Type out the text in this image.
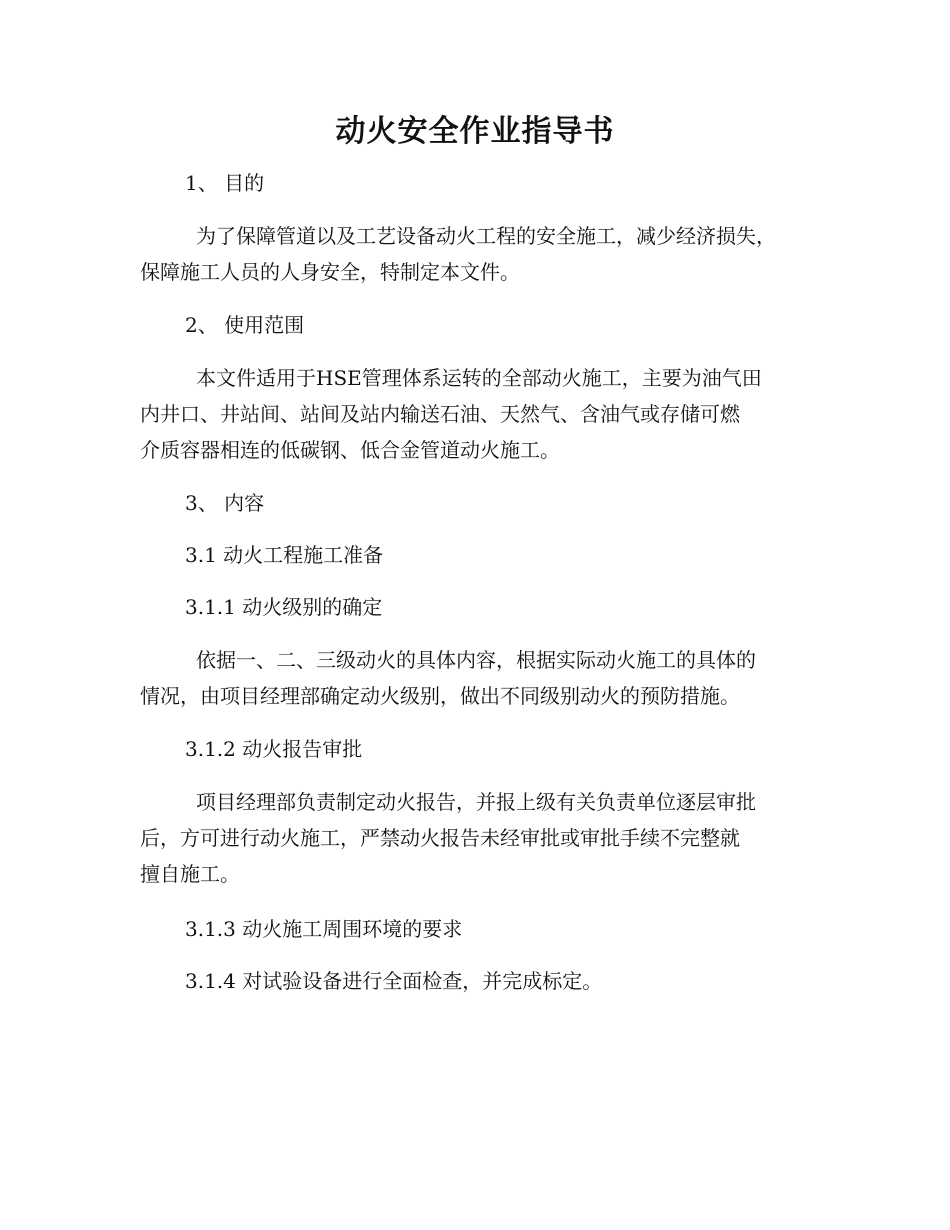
动火安全作业指导书
1、 目的
为了保障管道以及工艺设备动火工程的安全施工，减少经济损失，
保障施工人员的人身安全，特制定本文件。
2、 使用范围
本文件适用于HSE管理体系运转的全部动火施工，主要为油气田
内井口、井站间、站间及站内输送石油、天然气、含油气或存储可燃
介质容器相连的低碳钢、低合金管道动火施工。
3、 内容
3.1 动火工程施工准备
3.1.1 动火级别的确定
依据一、二、三级动火的具体内容，根据实际动火施工的具体的
情况，由项目经理部确定动火级别，做出不同级别动火的预防措施。
3.1.2 动火报告审批
项目经理部负责制定动火报告，并报上级有关负责单位逐层审批
后，方可进行动火施工，严禁动火报告未经审批或审批手续不完整就
擅自施工。
3.1.3 动火施工周围环境的要求
3.1.4 对试验设备进行全面检查，并完成标定。
